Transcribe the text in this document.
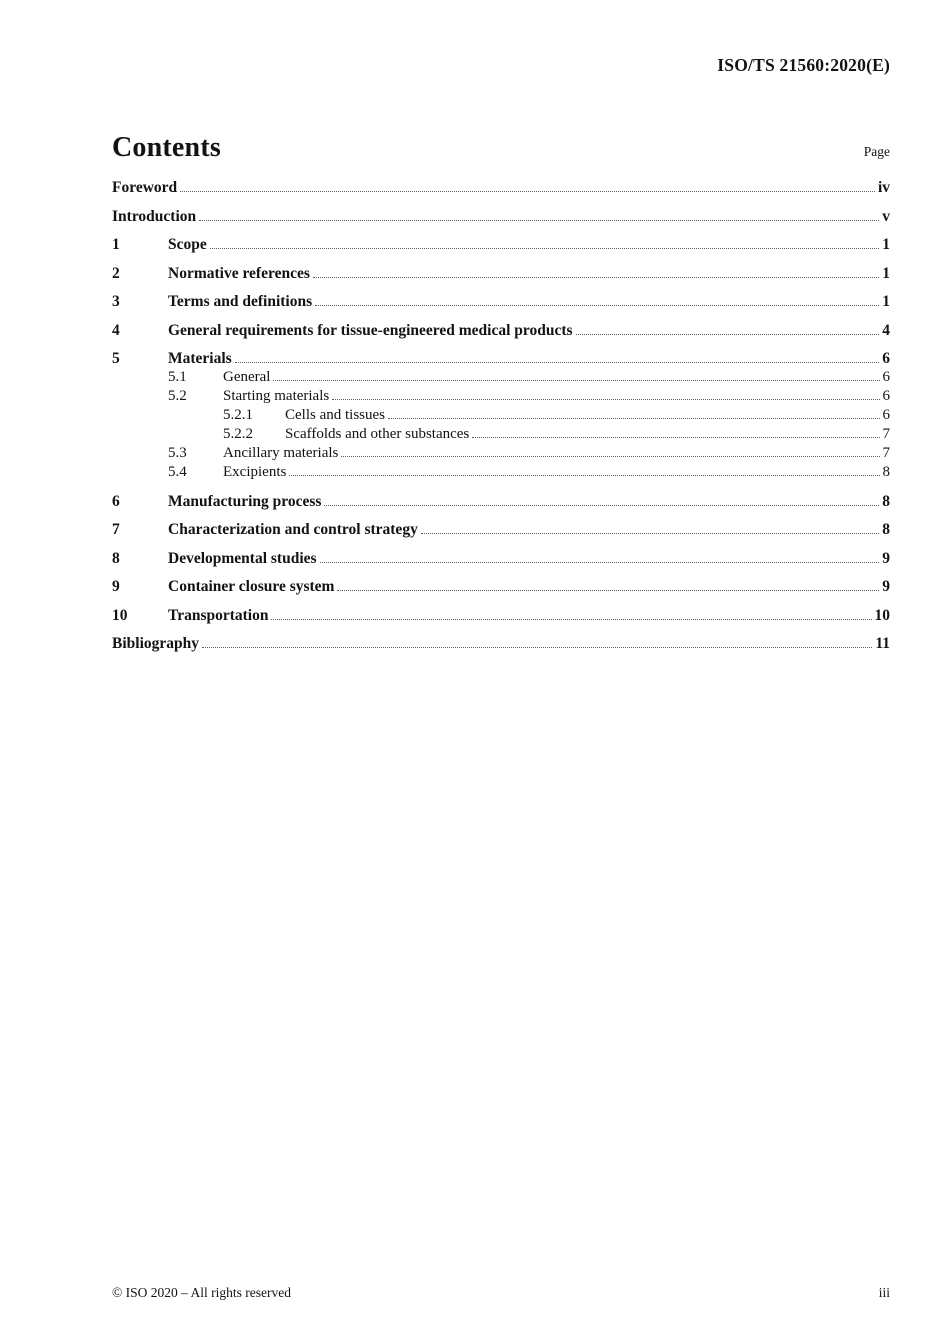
ISO/TS 21560:2020(E)
Contents	Page
Foreword	iv
Introduction	v
1	Scope	1
2	Normative references	1
3	Terms and definitions	1
4	General requirements for tissue-engineered medical products	4
5	Materials	6
5.1	General	6
5.2	Starting materials	6
5.2.1	Cells and tissues	6
5.2.2	Scaffolds and other substances	7
5.3	Ancillary materials	7
5.4	Excipients	8
6	Manufacturing process	8
7	Characterization and control strategy	8
8	Developmental studies	9
9	Container closure system	9
10	Transportation	10
Bibliography	11
© ISO 2020 – All rights reserved	iii
